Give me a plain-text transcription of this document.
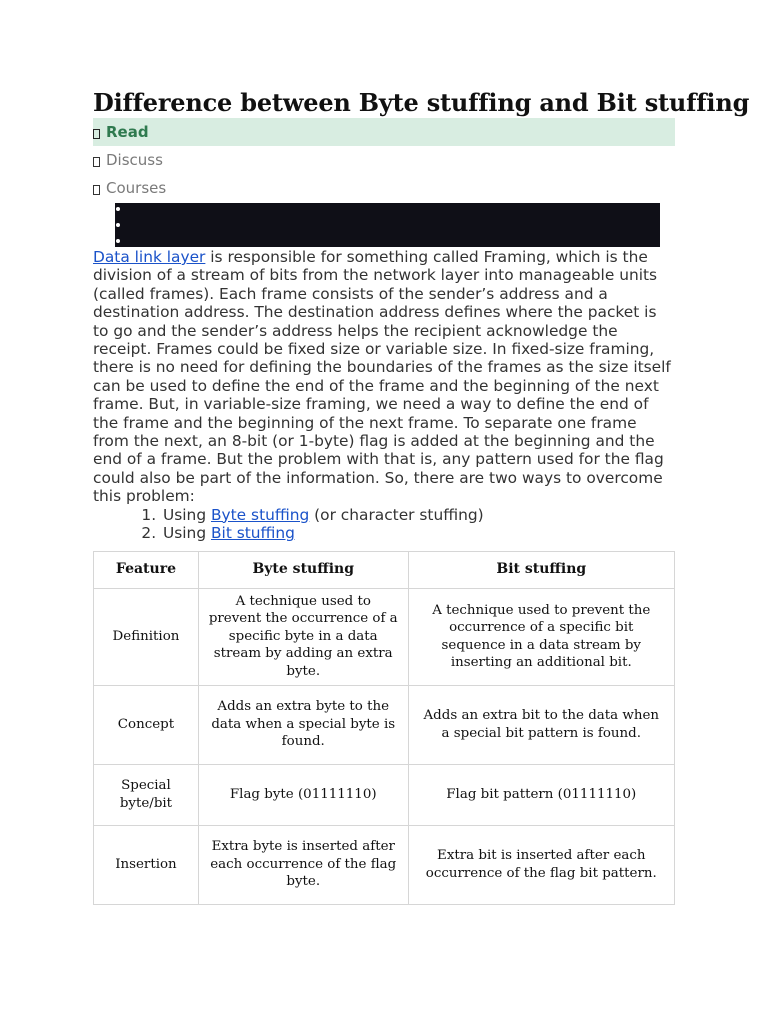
Difference between Byte stuffing and Bit stuffing
Read
Discuss
Courses

Data link layer is responsible for something called Framing, which is the division of a stream of bits from the network layer into manageable units (called frames). Each frame consists of the sender’s address and a destination address. The destination address defines where the packet is to go and the sender’s address helps the recipient acknowledge the receipt. Frames could be fixed size or variable size. In fixed-size framing, there is no need for defining the boundaries of the frames as the size itself can be used to define the end of the frame and the beginning of the next frame. But, in variable-size framing, we need a way to define the end of the frame and the beginning of the next frame. To separate one frame from the next, an 8-bit (or 1-byte) flag is added at the beginning and the end of a frame. But the problem with that is, any pattern used for the flag could also be part of the information. So, there are two ways to overcome this problem:

1. Using Byte stuffing (or character stuffing)
2. Using Bit stuffing
Feature	Byte stuffing	Bit stuffing
Definition	A technique used to prevent the occurrence of a specific byte in a data stream by adding an extra byte.	A technique used to prevent the occurrence of a specific bit sequence in a data stream by inserting an additional bit.
Concept	Adds an extra byte to the data when a special byte is found.	Adds an extra bit to the data when a special bit pattern is found.
Special byte/bit	Flag byte (01111110)	Flag bit pattern (01111110)
Insertion	Extra byte is inserted after each occurrence of the flag byte.	Extra bit is inserted after each occurrence of the flag bit pattern.
